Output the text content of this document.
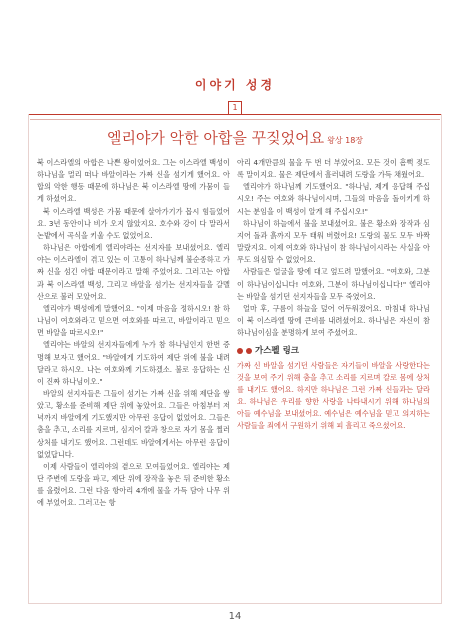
이야기 성경
1
엘리야가 악한 아합을 꾸짖었어요 왕상 18장

북 이스라엘의 아합은 나쁜 왕이었어요. 그는 이스라엘 백성이 하나님을 멀리 떠나 바알이라는 가짜 신을 섬기게 했어요. 아합의 악한 행동 때문에 하나님은 북 이스라엘 땅에 가뭄이 들게 하셨어요.

북 이스라엘 백성은 가뭄 때문에 살아가기가 몹시 힘들었어요. 3년 동안이나 비가 오지 않았지요. 호수와 강이 다 말라서 논밭에서 곡식을 키울 수도 없었어요.

하나님은 아합에게 엘리야라는 선지자를 보내셨어요. 엘리야는 이스라엘이 겪고 있는 이 고통이 하나님께 불순종하고 가짜 신을 섬긴 아합 때문이라고 말해 주었어요. 그러고는 아합과 북 이스라엘 백성, 그리고 바알을 섬기는 선지자들을 갈멜산으로 불러 모았어요.

엘리야가 백성에게 말했어요. "이제 마음을 정하시오! 참 하나님이 여호와라고 믿으면 여호와를 따르고, 바알이라고 믿으면 바알을 따르시오!"

엘리야는 바알의 선지자들에게 누가 참 하나님인지 한번 증명해 보자고 했어요. "바알에게 기도하여 제단 위에 불을 내려 달라고 하시오. 나는 여호와께 기도하겠소. 불로 응답하는 신이 진짜 하나님이오."

바알의 선지자들은 그들이 섬기는 가짜 신을 위해 제단을 쌓았고, 황소를 준비해 제단 위에 놓았어요. 그들은 아침부터 저녁까지 바알에게 기도했지만 아무런 응답이 없었어요. 그들은 춤을 추고, 소리를 지르며, 심지어 칼과 창으로 자기 몸을 찔러 상처를 내기도 했어요. 그런데도 바알에게서는 아무런 응답이 없었답니다.

이제 사람들이 엘리야의 곁으로 모여들었어요. 엘리야는 제단 주변에 도랑을 파고, 제단 위에 장작을 놓은 뒤 준비한 황소를 올렸어요. 그런 다음 항아리 4개에 물을 가득 담아 나무 위에 부었어요. 그러고는 항

아리 4개만큼의 물을 두 번 더 부었어요. 모든 것이 흠뻑 젖도록 말이지요. 물은 제단에서 흘러내려 도랑을 가득 채웠어요.

엘리야가 하나님께 기도했어요. "하나님, 제게 응답해 주십시오! 주는 여호와 하나님이시며, 그들의 마음을 돌이키게 하시는 분임을 이 백성이 알게 해 주십시오!"

하나님이 하늘에서 불을 보내셨어요. 불은 황소와 장작과 심지어 돌과 흙까지 모두 태워 버렸어요! 도랑의 물도 모두 바짝 말랐지요. 이제 여호와 하나님이 참 하나님이시라는 사실을 아무도 의심할 수 없었어요.

사람들은 얼굴을 땅에 대고 엎드려 말했어요. "여호와, 그분이 하나님이십니다! 여호와, 그분이 하나님이십니다!" 엘리야는 바알을 섬기던 선지자들을 모두 죽였어요.

얼마 후, 구름이 하늘을 덮어 어두워졌어요. 마침내 하나님이 북 이스라엘 땅에 큰비를 내려셨어요. 하나님은 자신이 참 하나님이심을 분명하게 보여 주셨어요.

가스펠 링크

가짜 신 바알을 섬기던 사람들은 자기들이 바알을 사랑한다는 것을 보여 주기 위해 춤을 추고 소리를 지르며 칼로 몸에 상처를 내기도 했어요. 하지만 하나님은 그런 가짜 신들과는 달라요. 하나님은 우리를 향한 사랑을 나타내시기 위해 하나님의 아들 예수님을 보내셨어요. 예수님은 예수님을 믿고 의지하는 사람들을 죄에서 구원하기 위해 피 흘리고 죽으셨어요.

14
